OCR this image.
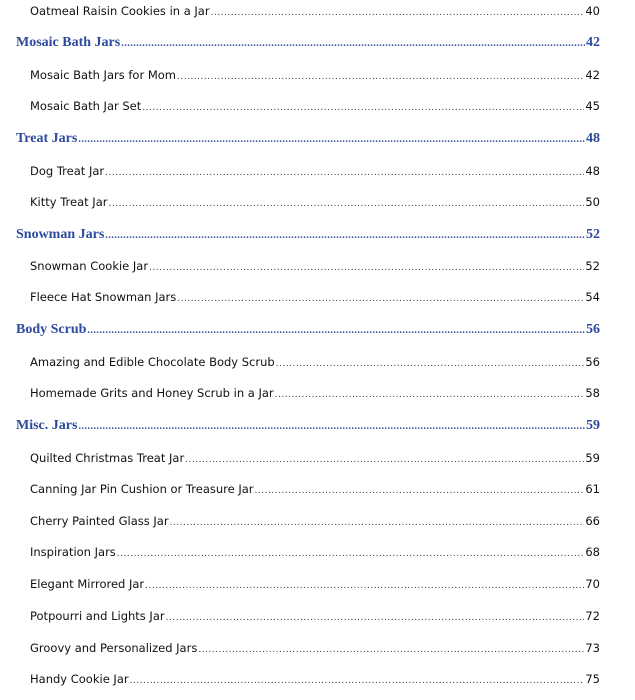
Oatmeal Raisin Cookies in a Jar .....	40
Mosaic Bath Jars .....	42
Mosaic Bath Jars for Mom .....	42
Mosaic Bath Jar Set .....	45
Treat Jars .....	48
Dog Treat Jar .....	48
Kitty Treat Jar .....	50
Snowman Jars .....	52
Snowman Cookie Jar .....	52
Fleece Hat Snowman Jars .....	54
Body Scrub .....	56
Amazing and Edible Chocolate Body Scrub .....	56
Homemade Grits and Honey Scrub in a Jar .....	58
Misc. Jars .....	59
Quilted Christmas Treat Jar .....	59
Canning Jar Pin Cushion or Treasure Jar .....	61
Cherry Painted Glass Jar .....	66
Inspiration Jars .....	68
Elegant Mirrored Jar .....	70
Potpourri and Lights Jar .....	72
Groovy and Personalized Jars .....	73
Handy Cookie Jar .....	75
